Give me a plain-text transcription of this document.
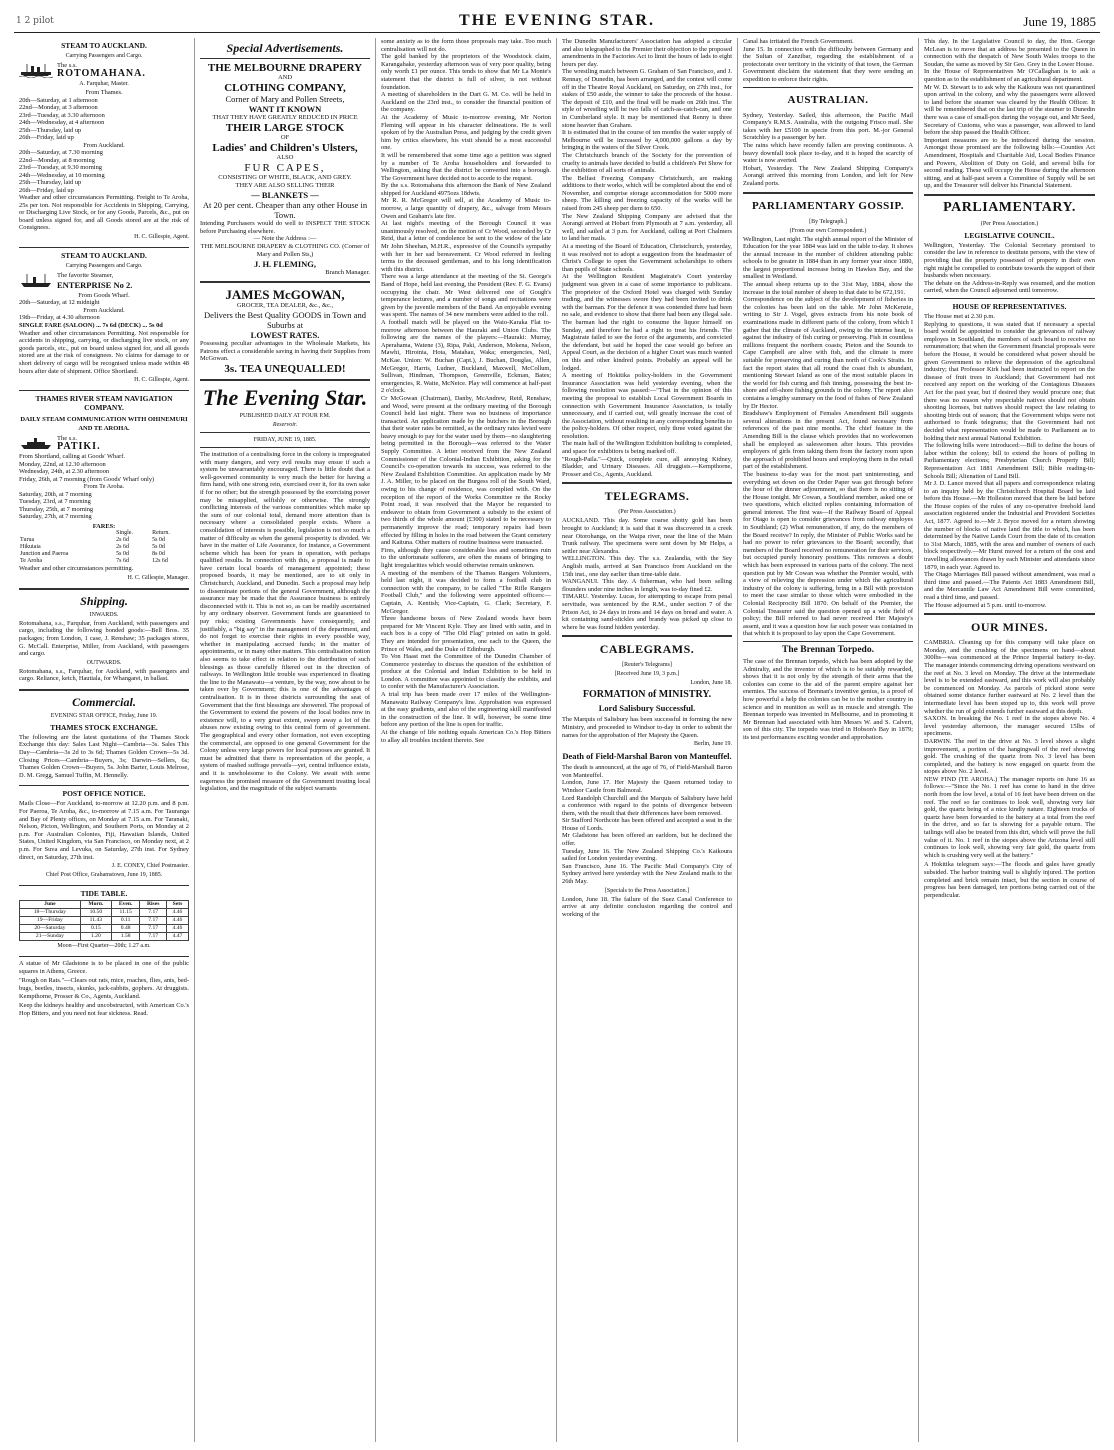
1 2 pilot	THE EVENING STAR.	June 19, 1885
STEAM TO AUCKLAND.
Carrying Passengers and Cargo.
The s.s.
ROTOMAHANA.
A. Farquhar, Master.
From Thames.
20th—Saturday, at 1 afternoon
22nd—Monday, at 3 afternoon
23rd—Tuesday, at 3.30 afternoon
24th—Wednesday, at 4 afternoon
25th—Thursday, laid up
26th—Friday, laid up
From Auckland.
20th—Saturday, at 7.30 morning
22nd—Monday, at 8 morning
23rd—Tuesday, at 9.30 morning
24th—Wednesday, at 10 morning
25th—Thursday, laid up
26th—Friday, laid up
Weather and other circumstances Permitting. Freight to Te Aroha, 25s per ton. Not responsible for Accidents in Shipping, Carrying, or Discharging Live Stock, or for any Goods, Parcels, &c., put on board unless signed for, and all Goods stored are at the risk of Consignees.
H. C. Gillespie, Agent.
STEAM TO AUCKLAND.
Carrying Passengers and Cargo.
The favorite Steamer,
ENTERPRISE No 2.
From Goods Wharf.
20th—Saturday, at 12 midnight
From Auckland.
19th—Friday, at 4.30 afternoon
SINGLE FARE (SALOON) ... 7s 6d (DECK) ... 5s 0d
Weather and other circumstances Permitting. Not responsible for accidents in shipping, carrying, or discharging live stock, or any goods parcels, etc., put on board unless signed for, and all goods stored are at the risk of consignees. No claims for damage to or short delivery of cargo will be recognised unless made within 48 hours after date of shipment. Office Shortland.
H. C. Gillespie, Agent.
THAMES RIVER STEAM NAVIGATION COMPANY.
DAILY STEAM COMMUNICATION WITH OHINEMURI AND TE AROHA.
The s.s.
PATIKI.
From Shortland, calling at Goods' Wharf.
Monday, 22nd, at 12.30 afternoon
Wednesday, 24th, at 2.30 afternoon
Friday, 26th, at 7 morning (from Goods' Wharf only)
From Te Aroha.
Saturday, 20th, at 7 morning
Tuesday, 23rd, at 7 morning
Thursday, 25th, at 7 morning
Saturday, 27th, at 7 morning
FARES:
	Single.	Return.
Turua	2s 6d	5s 0d
Hikutaia	2s 6d	5s 0d
Junction and Paeroa	5s 0d	8s 0d
Te Aroha	7s 6d	12s 6d
Weather and other circumstances permitting.
H. C. Gillespie, Manager.
Shipping.
INWARDS.
Rotomahana, s.s., Farquhar, from Auckland, with passengers and cargo, including the following bonded goods:—Bell Bros. 35 packages; from London, 1 case, J. Renshaw; 35 packages stores, G. McCall. Enterprise, Miller, from Auckland, with passengers and cargo.
OUTWARDS.
Rotomahana, s.s., Farquhar, for Auckland, with passengers and cargo. Reliance, ketch, Hautiala, for Whangarei, in ballast.
Commercial.
EVENING STAR OFFICE, Friday, June 19.
THAMES STOCK EXCHANGE.
The following are the latest quotations of the Thames Stock Exchange this day: Sales Last Night—Cambria—3s. Sales This Day—Cambria—3s 2d to 3s 6d; Thames Golden Crown—5s 3d. Closing Prices—Cambria—Buyers, 3s; Darwin—Sellers, 6s; Thames Golden Crown—Buyers, 5s. John Barter, Louis Melrose, D. M. Gregg, Samuel Tuffin, M. Hennelly.
POST OFFICE NOTICE.
Mails Close—For Auckland, to-morrow at 12.20 p.m. and 8 p.m. For Paeroa, Te Aroha, &c., to-morrow at 7.15 a.m. For Tauranga and Bay of Plenty offices, on Monday at 7.15 a.m. For Taranaki, Nelson, Picton, Wellington, and Southern Ports, on Monday at 2 p.m. For Australian Colonies, Fiji, Hawaiian Islands, United States, United Kingdom, via San Francisco, on Monday next, at 2 p.m. For Suva and Levuka, on Saturday, 27th inst. For Sydney direct, on Saturday, 27th inst.
J. E. CONEY, Chief Postmaster.
Chief Post Office, Grahamstown, June 19, 1885.
TIDE TABLE.
June	Morn.	Even.	Rises	Sets
18—Thursday	10.50	11.15	7.17	4.46
19—Friday	11.43	0.11	7.17	4.46
20—Saturday	0.15	0.48	7.17	4.46
21—Sunday	1.20	1.58	7.17	4.47
Moon—First Quarter—20th; 1.27 a.m.
A statue of Mr Gladstone is to be placed in one of the public squares in Athens, Greece.
"Rough on Rats."—Clears out rats, mice, roaches, flies, ants, bed-bugs, beetles, insects, skunks, jack-rabbits, gophers. At druggists. Kempthorne, Prosser & Co., Agents, Auckland.
Keep the kidneys healthy and uncobstructed, with American Co.'s Hop Bitters, and you need not fear sickness. Read.
Special Advertisements.
THE MELBOURNE DRAPERY
AND
CLOTHING COMPANY,
Corner of Mary and Pollen Streets,
WANT IT KNOWN
THAT THEY HAVE GREATLY REDUCED IN PRICE
THEIR LARGE STOCK
OF
Ladies' and Children's Ulsters,
ALSO
FUR CAPES,
CONSISTING OF WHITE, BLACK, AND GREY.
THEY ARE ALSO SELLING THEIR
— BLANKETS —
At 20 per cent. Cheaper than any other House in Town.
Intending Purchasers would do well to INSPECT THE STOCK before Purchasing elsewhere.
— Note the Address :—
THE MELBOURNE DRAPERY & CLOTHING CO. (Corner of Mary and Pollen Sts,)
J. H. FLEMING,
Branch Manager.
JAMES McGOWAN,
GROCER, TEA DEALER, &c., &c.,
Delivers the Best Quality GOODS in Town and Suburbs at
LOWEST RATES.
Possessing peculiar advantages in the Wholesale Markets, his Patrons effect a considerable saving in having their Supplies from McGowan.
3s. TEA UNEQUALLED!
The Evening Star.
PUBLISHED DAILY AT FOUR P.M.
Reservoir.
FRIDAY, JUNE 19, 1885.
The institution of a centralising force in the colony is impregnated with many dangers, and very evil results may ensue if such a system be unwarrantably encouraged. There is little doubt that a well-governed community is very much the better for having a firm hand, with one strong rein, exercised over it, for its own sake if for no other; but the strength possessed by the exercising power may be misapplied, selfishly or otherwise. The strongly conflicting interests of the various communities which make up the sum of our colonial total, demand more attention than is necessary where a consolidated people exists. Where a consolidation of interests is possible, legislation is not so much a matter of difficulty as when the general prosperity is divided. We have in the matter of Life Assurance, for instance, a Government scheme which has been for years in operation, with perhaps qualified results. In connection with this, a proposal is made to have certain local boards of management appointed; these proposed boards, it may be mentioned, are to sit only in Christchurch, Auckland, and Dunedin. Such a proposal may help to disseminate portions of the general Government, although the assurance may be made that the Assurance business is entirely disconnected with it. This is not so, as can be readily ascertained by any ordinary observer. Government funds are guaranteed to pay risks; existing Governments have consequently, and justifiably, a "big say" in the management of the department, and do not forget to exercise their rights in every possible way, whether in manipulating accrued funds; in the matter of appointments, or in many other matters. This centralisation notion also seems to take effect in relation to the distribution of such blessings as those carefully filtered out in the direction of railways. In Wellington little trouble was experienced in floating the line to the Manawatu—a venture, by the way, now about to be taken over by Government; this is one of the advantages of centralisation. It is in those districts surrounding the seat of Government that the first blessings are showered. The proposal of the Government to extend the powers of the local bodies now in existence will, to a very great extent, sweep away a lot of the abuses now existing owing to this central form of government. The geographical and every other formation, not even excepting the commercial, are opposed to one general Government for the Colony unless very large powers for local purposes are granted. It must be admitted that there is representation of the people, a system of mashed suffrage prevails—yet, central influence exists, and it is unwholesome to the Colony. We await with some eagerness the promised measure of the Government treating local legislation, and the magnitude of the subject warrants
some anxiety as to the form those proposals may take. Too much centralisation will not do.
The gold banked by the proprietors of the Woodstock claim, Karangahake, yesterday afternoon was of very poor quality, being only worth £1 per ounce. This tends to show that Mr La Monte's statement that the district is full of silver, is not without foundation.
A meeting of shareholders in the Dart G. M. Co. will be held in Auckland on the 23rd inst., to consider the financial position of the company.
At the Academy of Music to-morrow evening, Mr Norton Fleming will appear in his character delineations. He is well spoken of by the Australian Press, and judging by the credit given him by critics elsewhere, his visit should be a most successful one.
It will be remembered that some time ago a petition was signed by a number of Te Aroha householders and forwarded to Wellington, asking that the district be converted into a borough. The Government have decided not to accede to the request.
By the s.s. Rotomahana this afternoon the Bank of New Zealand shipped for Auckland 4975ozs 18dwts.
Mr R. R. McGregor will sell, at the Academy of Music to-morrow, a large quantity of drapery, &c., salvage from Messrs Owen and Graham's late fire.
At last night's meeting of the Borough Council it was unanimously resolved, on the motion of Cr Wood, seconded by Cr Reid, that a letter of condolence be sent to the widow of the late Mr John Sheehan, M.H.R., expressive of the Council's sympathy with her in her sad bereavement. Cr Wood referred in feeling terms to the deceased gentleman, and to his long identification with this district.
There was a large attendance at the meeting of the St. George's Band of Hope, held last evening, the President (Rev. F. G. Evans) occupying the chair. Mr West delivered one of Gough's temperance lectures, and a number of songs and recitations were given by the juvenile members of the Band. An enjoyable evening was spent. The names of 34 new members were added to the roll.
A football match will be played on the Waio-Karaka Flat to-morrow afternoon between the Hauraki and Union Clubs. The following are the names of the players:—Hauraki: Murray, Aperahama, Watene (3), Ripa, Paki, Anderson, Mokena, Nelson, Mawhi, Hiroinia, Hota, Matahau, Waka; emergencies, Neil, McKae. Union: W. Buchan (Capt.), J. Buchan, Douglas, Allen, McGregor, Harris, Ludner, Buckland, Maxwell, McCollum, Sullivan, Hindman, Thompson, Greenville, Eckman, Bates; emergencies, R. Waite, McNeice. Play will commence at half-past 2 o'clock.
Cr McGowan (Chairman), Danby, McAndrew, Reid, Renshaw, and Wood, were present at the ordinary meeting of the Borough Council held last night. There was no business of importance transacted. An application made by the butchers in the Borough that their water rates be remitted, as the ordinary rates levied were heavy enough to pay for the water used by them—no slaughtering being permitted in the Borough—was referred to the Water Supply Committee. A letter received from the New Zealand Commissioner of the Colonial-Indian Exhibition, asking for the Council's co-operation towards its success, was referred to the New Zealand Exhibition Committee. An application made by Mr J. A. Miller, to be placed on the Burgess roll of the South Ward, owing to his change of residence, was complied with. On the reception of the report of the Works Committee re the Rocky Point road, it was resolved that the Mayor be requested to endeavor to obtain from Government a subsidy to the extent of two thirds of the whole amount (£300) stated to be necessary to permanently improve the road; temporary repairs had been effected by filling in holes in the road between the Grant cemetery and Kaituna. Other matters of routine business were transacted.
Fires, although they cause considerable loss and sometimes ruin to the unfortunate sufferers, are often the means of bringing to light irregularities which would otherwise remain unknown.
A meeting of the members of the Thames Rangers Volunteers, held last night, it was decided to form a football club in connection with the company, to be called "The Rifle Rangers Football Club," and the following were appointed officers:—Captain, A. Kentish; Vice-Captain, G. Clark; Secretary, F. McGregor.
Three handsome boxes of New Zealand woods have been prepared for Mr Vincent Kyle. They are lined with satin, and in each box is a copy of "The Old Flag" printed on satin in gold. They are intended for presentation, one each to the Queen, the Prince of Wales, and the Duke of Edinburgh.
To Von Haast met the Committee of the Dunedin Chamber of Commerce yesterday to discuss the question of the exhibition of produce at the Colonial and Indian Exhibition to be held in London. A committee was appointed to classify the exhibits, and to confer with the Manufacturer's Association.
A trial trip has been made over 17 miles of the Wellington-Manawatu Railway Company's line. Approbation was expressed at the easy gradients, and also of the engineering skill manifested in the construction of the line. It will, however, be some time before any portion of the line is open for traffic.
At the change of life nothing equals American Co.'s Hop Bitters to allay all troubles incident thereto. See
The Dunedin Manufacturers' Association has adopted a circular and also telegraphed to the Premier their objection to the proposed amendments in the Factories Act to limit the hours of lads to eight hours per day.
The wrestling match between G. Graham of San Francisco, and J. Rennay, of Dunedin, has been arranged, and the contest will come off in the Theatre Royal Auckland, on Saturday, on 27th inst., for stakes of £50 aside, the winner to take the proceeds of the house. The deposit of £10, and the final will be made on 26th inst. The style of wrestling will be two falls of catch-as-catch-can, and one in Cumberland style. It may be mentioned that Renny is three stone heavier than Graham.
It is estimated that in the course of ten months the water supply of Melbourne will be increased by 4,000,000 gallons a day by bringing in the waters of the Silver Creek.
The Christchurch branch of the Society for the prevention of cruelty to animals have decided to build a children's Pet Show for the exhibition of all sorts of animals.
The Belfast Freezing Company Christchurch, are making additions to their works, which will be completed about the end of November, and comprise storage accommodation for 5000 more sheep. The killing and freezing capacity of the works will be raised from 245 sheep per diem to 650.
The New Zealand Shipping Company are advised that the Aorangi arrived at Hobart from Plymouth at 7 a.m. yesterday, all well, and sailed at 3 p.m. for Auckland, calling at Port Chalmers to land her mails.
At a meeting of the Board of Education, Christchurch, yesterday, it was resolved not to adopt a suggestion from the headmaster of Christ's College to open the Government scholarships to others than pupils of State schools.
At the Wellington Resident Magistrate's Court yesterday judgment was given in a case of some importance to publicans. The proprietor of the Oxford Hotel was charged with Sunday trading, and the witnesses swore they had been invited to drink with the barman. For the defence it was contended there had been no sale, and evidence to show that there had been any illegal sale. The barman had the right to consume the liquor himself on Sunday, and therefore he had a right to treat his friends. The Magistrate failed to see the force of the arguments, and convicted the defendant, but said he hoped the case would go before an Appeal Court, as the decision of a higher Court was much wanted on this and other kindred points. Probably an appeal will be lodged.
A meeting of Hokitika policy-holders in the Government Insurance Association was held yesterday evening, when the following resolution was passed:—"That in the opinion of this meeting the proposal to establish Local Government Boards in connection with Government Insurance Association, is totally unnecessary, and if carried out, will greatly increase the cost of the Association, without resulting in any corresponding benefits to the policy-holders. Of other respect, only three voted against the resolution.
The main hall of the Wellington Exhibition building is completed, and space for exhibitors is being marked off.
"Rough-Paila."—Quick, complete cure, all annoying Kidney, Bladder, and Urinary Diseases. All druggists.—Kempthorne, Prosser and Co., Agents, Auckland.
TELEGRAMS.
(Per Press Association.)
AUCKLAND. This day. Some coarse shotty gold has been brought to Auckland; it is said that it was discovered in a creek near Otorohanga, on the Waipa river, near the line of the Main Trunk railway. The specimens were sent down by Mr Helps, a settler near Alexandra.
WELLINGTON. This day. The s.s. Zealandia, with the Sey Anglish mails, arrived at San Francisco from Auckland on the 15th inst., one day earlier than time-table date.
WANGANUI. This day. A fisherman, who had been selling flounders under nine inches in length, was to-day fined £2.
TIMARU. Yesterday. Lucas, for attempting to escape from penal servitude, was sentenced by the R.M., under section 7 of the Prison Act, to 24 days in irons and 14 days on bread and water. A kit containing sand-stickles and brandy was picked up close to where he was found hidden yesterday.
CABLEGRAMS.
[Reuter's Telegrams]
[Received June 19, 3 p.m.]
London, June 18.
FORMATION of MINISTRY.
Lord Salisbury Successful.
The Marquis of Salisbury has been successful in forming the new Ministry, and proceeded to Windsor to-day in order to submit the names for the approbation of Her Majesty the Queen.
Berlin, June 19.
Death of Field-Marshal Baron von Manteuffel.
The death is announced, at the age of 76, of Field-Marshall Baron von Manteuffel.
London, June 17. Her Majesty the Queen returned today to Windsor Castle from Balmoral.
Lord Randolph Churchill and the Marquis of Salisbury have held a conference with regard to the points of divergence between them, with the result that their differences have been removed.
Sir Stafford Northcote has been offered and accepted a seat in the House of Lords.
Mr Gladstone has been offered an earldom, but he declined the offer.
Tuesday, June 16. The New Zealand Shipping Co.'s Kaikoura sailed for London yesterday evening.
San Francisco, June 16. The Pacific Mail Company's City of Sydney arrived here yesterday with the New Zealand mails to the 26th May.
[Specials to the Press Association.]
London, June 18. The failure of the Suez Canal Conference to arrive at any definite conclusion regarding the control and working of the
Canal has irritated the French Government.
June 15. In connection with the difficulty between Germany and the Sultan of Zanzibar, regarding the establishment of a protectorate over territory in the vicinity of that town, the German Government disclaim the statement that they were sending an expedition to enforce their rights.
AUSTRALIAN.
Sydney, Yesterday. Sailed, this afternoon, the Pacific Mail Company's R.M.S. Australia, with the outgoing Frisco mail. She takes with her £5100 in specie from this port. M.-jor General Scratchley is a passenger by her.
The rains which have recently fallen are proving continuous. A heavy downfall took place to-day, and it is hoped the scarcity of water is now averted.
Hobart, Yesterday. The New Zealand Shipping Company's Aorangi arrived this morning from London, and left for New Zealand ports.
PARLIAMENTARY GOSSIP.
[By Telegraph.]
(From our own Correspondent.)
Wellington, Last night. The eighth annual report of the Minister of Education for the year 1884 was laid on the table to-day. It shows the annual increase in the number of children attending public schools to be greater in 1884 than in any former year since 1880, the largest proportional increase being in Hawkes Bay, and the smallest in Westland.
The annual sheep returns up to the 31st May, 1884, show the increase in the total number of sheep to that date to be 672,191.
Correspondence on the subject of the development of fisheries in the colonies has been laid on the table. Mr John McKenzie, writing to Sir J. Vogel, gives extracts from his note book of examinations made in different parts of the colony, from which I gather that the climate of Auckland, owing to the intense heat, is against the industry of fish curing or preserving. Fish in countless millions frequent the northern coasts; Pieton and the Sounds to Cape Campbell are alive with fish, and the climate is more suitable for preserving and curing than north of Cook's Straits. In fact the report states that all round the coast fish is abundant, mentioning Stewart Island as one of the most suitable places in the world for fish curing and fish tinning, possessing the best in-shore and off-shore fishing grounds in the colony. The report also contains a lengthy summary on the food of fishes of New Zealand by Dr Hector.
Bradshaw's Employment of Females Amendment Bill suggests several alterations in the present Act, found necessary from references of the past nine months. The chief feature in the Amending Bill is the clause which provides that no workwomen shall be employed as saleswomen after hours. This provides employers of girls from taking them from the factory room upon the approach of prohibited hours and employing them in the retail part of the establishment.
The business to-day was for the most part uninteresting, and everything set down on the Order Paper was got through before the hour of the dinner adjournment, so that there is no sitting of the House tonight. Mr Cowan, a Southland member, asked one or two questions, which elicited replies containing information of general interest. The first was—If the Railway Board of Appeal for Otago is open to consider grievances from railway employes in Southland; (2) What remuneration, if any, do the members of the Board receive? In reply, the Minister of Public Works said he had no power to refer grievances to the Board; secondly, that members of the Board received no remuneration for their services, but occupied purely honorary positions. This removes a doubt which has been expressed in various parts of the colony. The next question put by Mr Cowan was whether the Premier would, with a view of relieving the depression under which the agricultural industry of the colony is suffering, bring in a Bill with provision to meet the case similar to those which were embodied in the Colonial Reciprocity Bill 1870. On behalf of the Premier, the Colonial Treasurer said the question opened up a wide field of policy; the Bill referred to had never received Her Majesty's assent, and it was a question how far such power was contained in that which it is proposed to lay upon the Cape Government.
The Brennan Torpedo.
The case of the Brennan torpedo, which has been adopted by the Admiralty, and the inventor of which is to be suitably rewarded, shows that it is not only by the strength of their arms that the colonies can come to the aid of the parent empire against her enemies. The success of Brennan's inventive genius, is a proof of how powerful a help the colonies can be to the mother country in science and in munition as well as in muscle and strength. The Brennan torpedo was invented in Melbourne, and in promoting it Mr Brennan had associated with him Messrs W. and S. Calvert, son of this city. The torpedo was tried in Hobson's Bay in 1879; its test performances exciting wonder and approbation.
This day. In the Legislative Council to day, the Hon. George McLean is to move that an address be presented to the Queen in connection with the despatch of New South Wales troops to the Soudan, the same as moved by Sir Geo. Grey in the Lower House.
In the House of Representatives Mr O'Callaghan is to ask a question as to the establishment of an agricultural department.
Mr W. D. Stewart is to ask why the Kaikoura was not quarantined upon arrival in the colony, and why the passengers were allowed to land before the steamer was cleared by the Health Officer. It will be remembered that on the last trip of the steamer to Dunedin there was a case of small-pox during the voyage out, and Mr Seed, Secretary of Customs, who was a passenger, was allowed to land before the ship passed the Health Officer.
Important measures are to be introduced during the session. Amongst those promised are the following bills:—Counties Act Amendment, Hospitals and Charitable Aid, Local Bodies Finance and Powers, Abolition of Duty on Gold, and several bills for second reading. These will occupy the House during the afternoon sitting, and at half-past seven a Committee of Supply will be set up, and the Treasurer will deliver his Financial Statement.
PARLIAMENTARY.
(Per Press Association.)
LEGISLATIVE COUNCIL.
Wellington, Yesterday. The Colonial Secretary promised to consider the law in reference to destitute persons, with the view of providing that the property possessed of property in their own right might be compelled to contribute towards the support of their husbands when necessary.
The debate on the Address-in-Reply was resumed, and the motion carried, when the Council adjourned until tomorrow.
HOUSE OF REPRESENTATIVES.
The House met at 2.30 p.m.
Replying to questions, it was stated that if necessary a special board would be appointed to consider the grievances of railway employes in Southland, the members of such board to receive no remuneration; that when the Government financial proposals were before the House, it would be considered what power should be given Government to relieve the depression of the agricultural industry; that Professor Kirk had been instructed to report on the disease of fruit trees in Auckland; that Government had not received any report on the working of the Contagious Diseases Act for the past year, but if desired they would procure one; that there was no reason why respectable natives should not obtain shooting licenses, but natives should respect the law relating to shooting birds out of season; that the Government whips were not authorised to frank telegrams; that the Government had not decided what representation would be made to Parliament as to holding their next annual National Exhibition.
The following bills were introduced:—Bill to define the hours of labor within the colony; bill to extend the hours of polling in Parliamentary elections; Presbyterian Church Property Bill; Representation Act 1881 Amendment Bill; Bible reading-in-Schools Bill; Alienation of Land Bill.
Mr J. D. Lance moved that all papers and correspondence relating to an inquiry held by the Christchurch Hospital Board be laid before this House.—Mr Holleston moved that there be laid before the House copies of the rules of any co-operative freehold land association registered under the Industrial and Provident Societies Act, 1877. Agreed to.—Mr J. Bryce moved for a return showing the number of blocks of native land the title to which, has been determined by the Native Lands Court from the date of its creation to 31st March, 1885, with the area and number of owners of each block respectively.—Mr Hurst moved for a return of the cost and travelling allowances drawn by each Minister and attendants since 1879, in each year. Agreed to.
The Otago Marriages Bill passed without amendment, was read a third time and passed.—The Patents Act 1883 Amendment Bill, and the Mercantile Law Act Amendment Bill were committed, read a third time, and passed.
The House adjourned at 5 p.m. until to-morrow.
OUR MINES.
CAMBRIA. Cleaning up for this company will take place on Monday, and the crushing of the specimens on hand—about 300lbs—was commenced at the Prince Imperial battery to-day. The manager intends commencing driving operations westward on the reef at No. 3 level on Monday. The drive at the intermediate level is to be extended eastward, and this work will also probably be commenced on Monday. As parcels of picked stone were obtained some distance further eastward at No. 2 level than the intermediate level has been stoped up to, this work will prove whether the run of gold extends further eastward at this depth.
SAXON. In breaking the No. 1 reef in the stopes above No. 4 level yesterday afternoon, the manager secured 15lbs of specimens.
DARWIN. The reef in the drive at No. 3 level shows a slight improvement, a portion of the hangingwall of the reef showing gold. The crushing of the quartz from No. 3 level has been completed, and the battery is now engaged on quartz from the stopes above No. 2 level.
NEW FIND (TE AROHA.) The manager reports on June 16 as follows:—"Since the No. 1 reef has come to hand in the drive north from the low level, a total of 16 feet have been driven on the reef. The reef so far continues to look well, showing very fair gold, the quartz being of a nice kindly nature. Eighteen trucks of quartz have been forwarded to the battery at a total from the reef in the drive, and so far is showing for a payable return. The tailings will also be treated from this dirt, which will prove the full value of it. No. 1 reef in the stopes above the Arizona level still continues to look well, showing very fair gold, the quartz from which is crushing very well at the battery."
A Hokitika telegram says:—The floods and gales have greatly subsided. The harbor training wall is slightly injured. The portion completed and brick remain intact, but the section in course of progress has been damaged, ten portions being carried out of the perpendicular.
